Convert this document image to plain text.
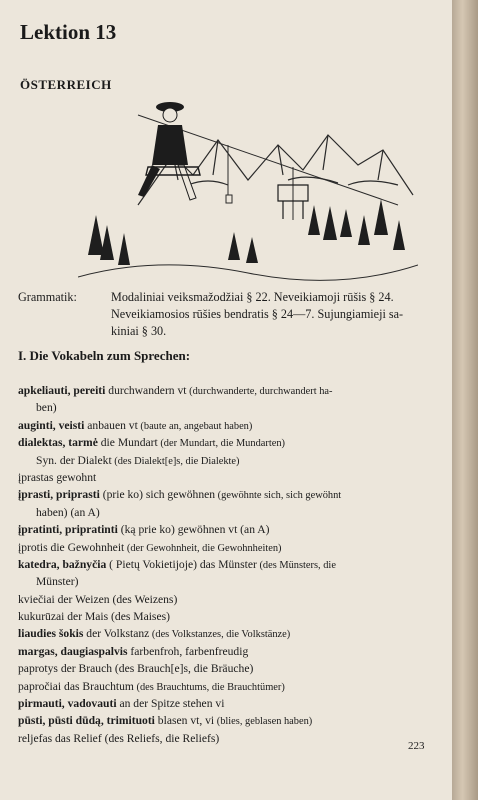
Lektion 13
ÖSTERREICH
Grammatik:	Modaliniai veiksmažodžiai § 22. Neveikiamoji rūšis § 24.
Neveikiamosios rūšies bendratis § 24—7. Sujungiamieji sa-
kiniai § 30.
I. Die Vokabeln zum Sprechen:
apkeliauti, pereiti durchwandern vt (durchwanderte, durchwandert ha-
ben)
auginti, veisti anbauen vt (baute an, angebaut haben)
dialektas, tarmė die Mundart (der Mundart, die Mundarten)
Syn. der Dialekt (des Dialekt[e]s, die Dialekte)
įprastas gewohnt
įprasti, priprasti (prie ko) sich gewöhnen (gewöhnte sich, sich gewöhnt
haben) (an A)
įpratinti, pripratinti (ką prie ko) gewöhnen vt (an A)
įprotis die Gewohnheit (der Gewohnheit, die Gewohnheiten)
katedra, bažnyčia ( Pietų Vokietijoje) das Münster (des Münsters, die
Münster)
kviečiai der Weizen (des Weizens)
kukurūzai der Mais (des Maises)
liaudies šokis der Volkstanz (des Volkstanzes, die Volkstänze)
margas, daugiaspalvis farbenfroh, farbenfreudig
paprotys der Brauch (des Brauch[e]s, die Bräuche)
papročiai das Brauchtum (des Brauchtums, die Brauchtümer)
pirmauti, vadovauti an der Spitze stehen vi
pūsti, pūsti dūdą, trimituoti blasen vt, vi (blies, geblasen haben)
reljefas das Relief (des Reliefs, die Reliefs)
223
